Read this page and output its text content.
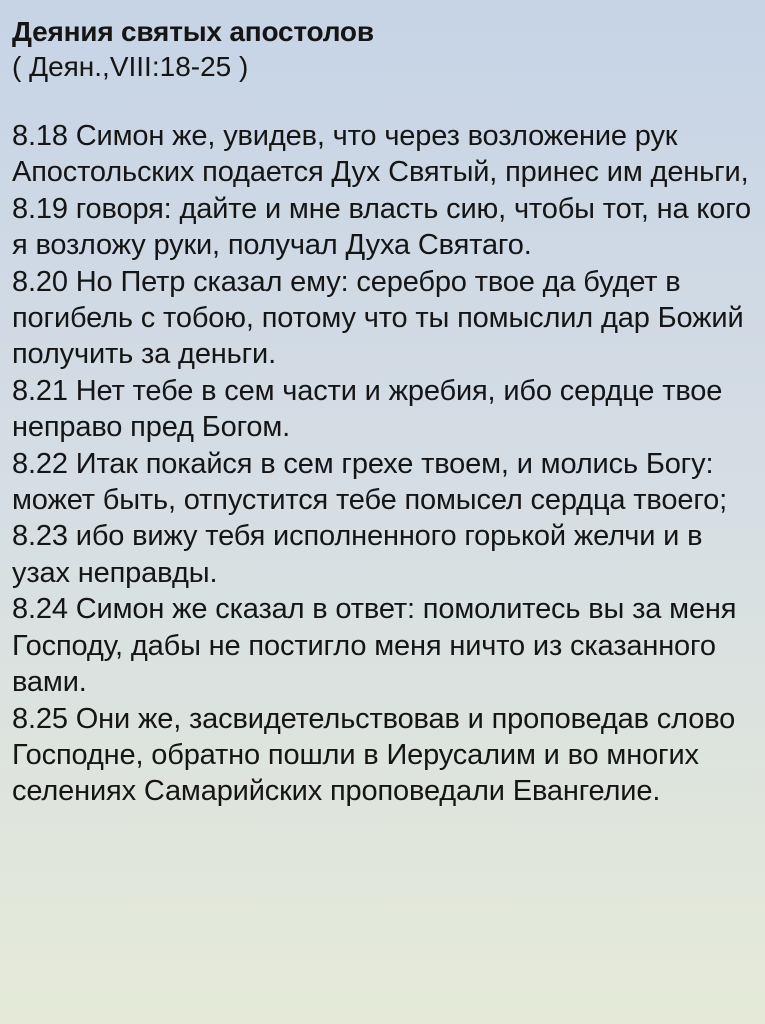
Деяния святых апостолов
( Деян.,VIII:18-25 )

8.18 Симон же, увидев, что через возложение рук Апостольских подается Дух Святый, принес им деньги,

8.19 говоря: дайте и мне власть сию, чтобы тот, на кого я возложу руки, получал Духа Святаго.

8.20 Но Петр сказал ему: серебро твое да будет в погибель с тобою, потому что ты помыслил дар Божий получить за деньги.

8.21 Нет тебе в сем части и жребия, ибо сердце твое неправо пред Богом.

8.22 Итак покайся в сем грехе твоем, и молись Богу: может быть, отпустится тебе помысел сердца твоего;

8.23 ибо вижу тебя исполненного горькой желчи и в узах неправды.

8.24 Симон же сказал в ответ: помолитесь вы за меня Господу, дабы не постигло меня ничто из сказанного вами.

8.25 Они же, засвидетельствовав и проповедав слово Господне, обратно пошли в Иерусалим и во многих селениях Самарийских проповедали Евангелие.
